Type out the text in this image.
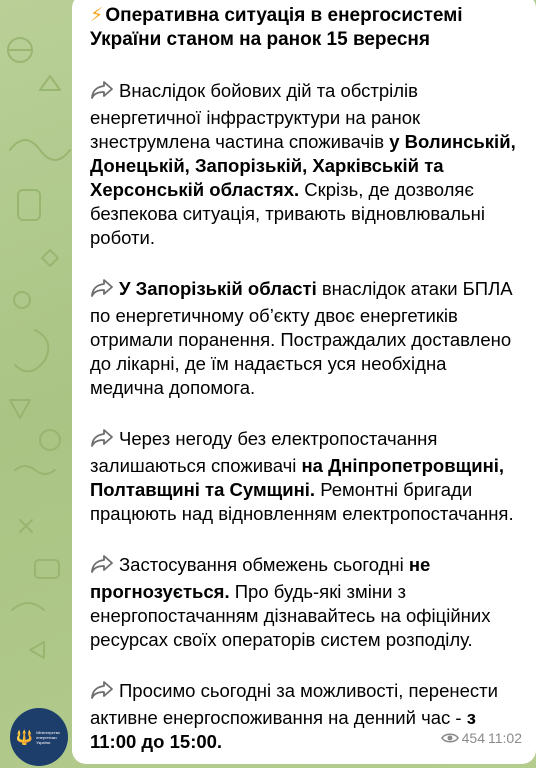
🔱 Міністерство енергетики України
⚡ Оперативна ситуація в енергосистемі України станом на ранок 15 вересня
Внаслідок бойових дій та обстрілів енергетичної інфраструктури на ранок знеструмлена частина споживачів у Волинській, Донецькій, Запорізькій, Харківській та Херсонській областях. Скрізь, де дозволяє безпекова ситуація, тривають відновлювальні роботи.
У Запорізькій області внаслідок атаки БПЛА по енергетичному об’єкту двоє енергетиків отримали поранення. Постраждалих доставлено до лікарні, де їм надається уся необхідна медична допомога.
Через негоду без електропостачання залишаються споживачі на Дніпропетровщині, Полтавщині та Сумщині. Ремонтні бригади працюють над відновленням електропостачання.
Застосування обмежень сьогодні не прогнозується. Про будь-які зміни з енергопостачанням дізнавайтесь на офіційних ресурсах своїх операторів систем розподілу.
Просимо сьогодні за можливості, перенести активне енергоспоживання на денний час - з 11:00 до 15:00.	454 11:02
